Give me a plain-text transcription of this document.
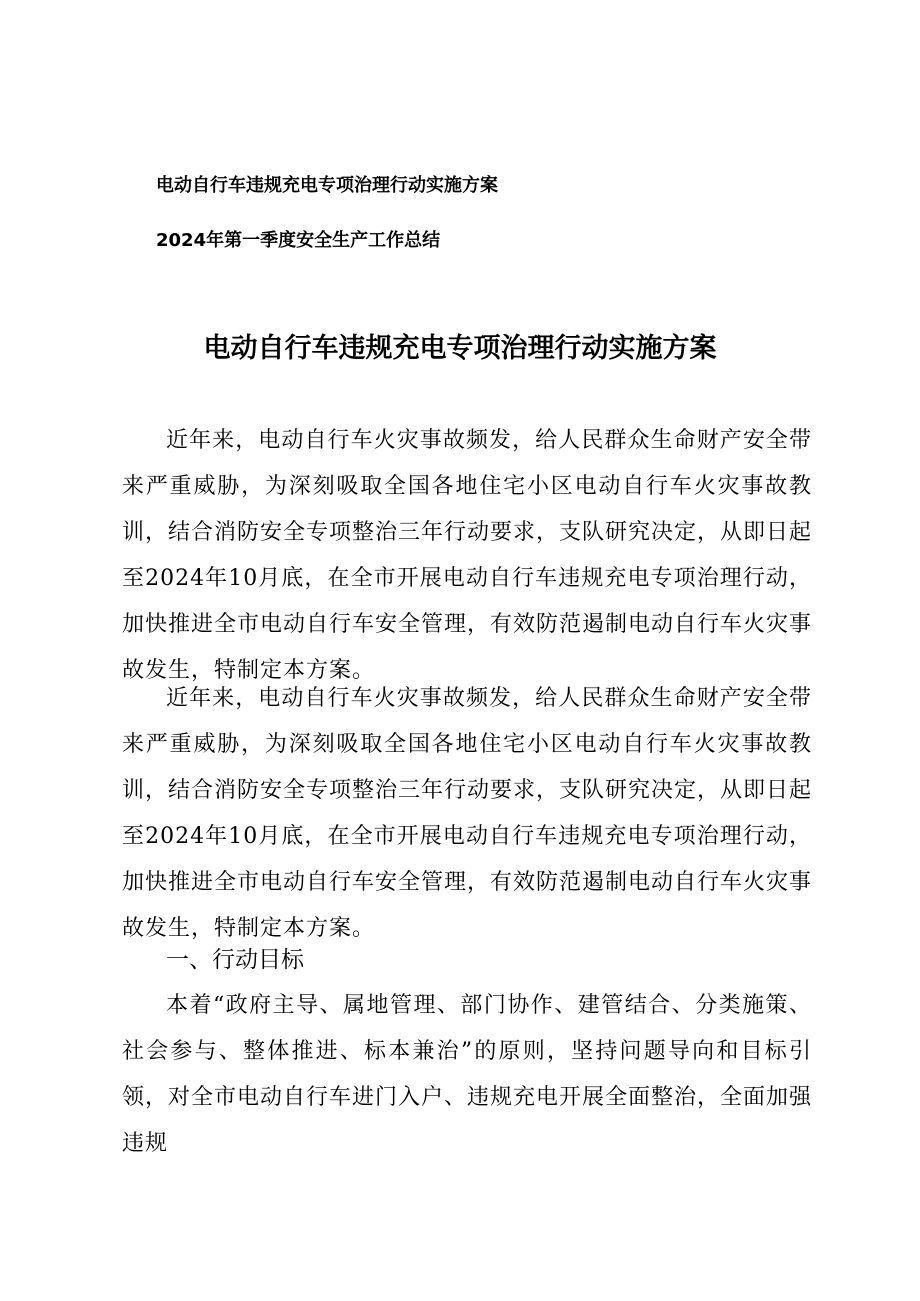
电动自行车违规充电专项治理行动实施方案
2024年第一季度安全生产工作总结
电动自行车违规充电专项治理行动实施方案

近年来，电动自行车火灾事故频发，给人民群众生命财产安全带来严重威胁，为深刻吸取全国各地住宅小区电动自行车火灾事故教训，结合消防安全专项整治三年行动要求，支队研究决定，从即日起至2024年10月底，在全市开展电动自行车违规充电专项治理行动，加快推进全市电动自行车安全管理，有效防范遏制电动自行车火灾事故发生，特制定本方案。

近年来，电动自行车火灾事故频发，给人民群众生命财产安全带来严重威胁，为深刻吸取全国各地住宅小区电动自行车火灾事故教训，结合消防安全专项整治三年行动要求，支队研究决定，从即日起至2024年10月底，在全市开展电动自行车违规充电专项治理行动，加快推进全市电动自行车安全管理，有效防范遏制电动自行车火灾事故发生，特制定本方案。

一、行动目标

本着“政府主导、属地管理、部门协作、建管结合、分类施策、社会参与、整体推进、标本兼治”的原则，坚持问题导向和目标引领，对全市电动自行车进门入户、违规充电开展全面整治，全面加强违规
